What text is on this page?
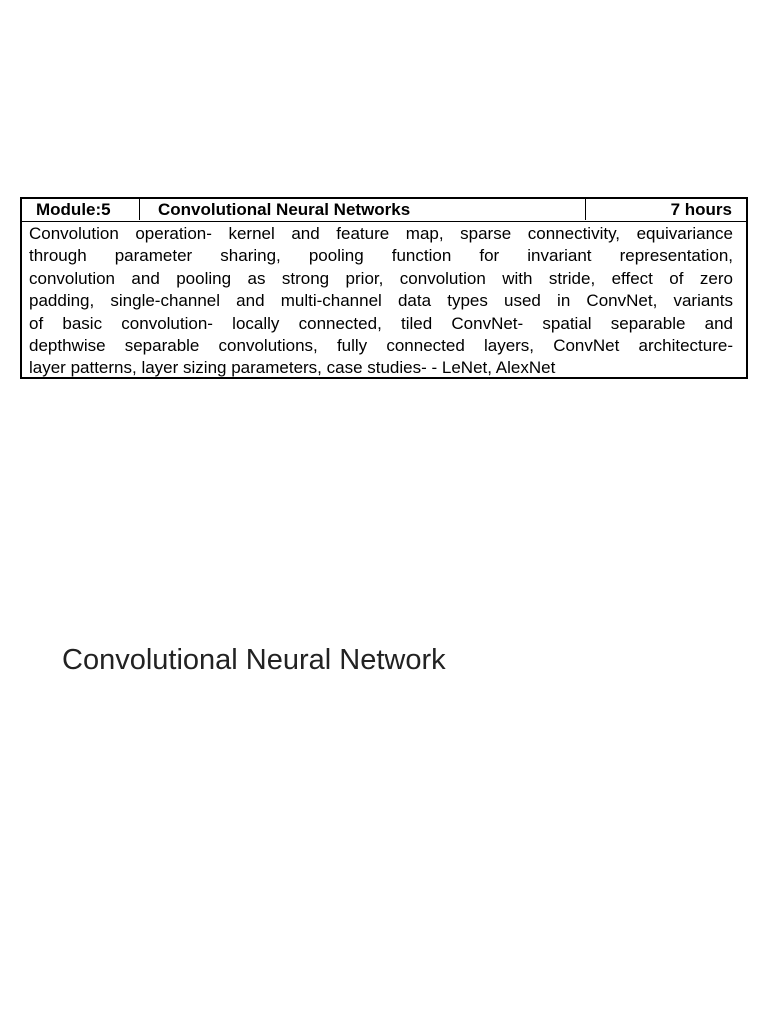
Module:5	Convolutional Neural Networks	7 hours
Convolution operation- kernel and feature map, sparse connectivity, equivariance
through parameter sharing, pooling function for invariant representation,
convolution and pooling as strong prior, convolution with stride, effect of zero
padding, single-channel and multi-channel data types used in ConvNet, variants
of basic convolution- locally connected, tiled ConvNet- spatial separable and
depthwise separable convolutions, fully connected layers, ConvNet architecture-
layer patterns, layer sizing parameters, case studies- - LeNet, AlexNet
Convolutional Neural Network
